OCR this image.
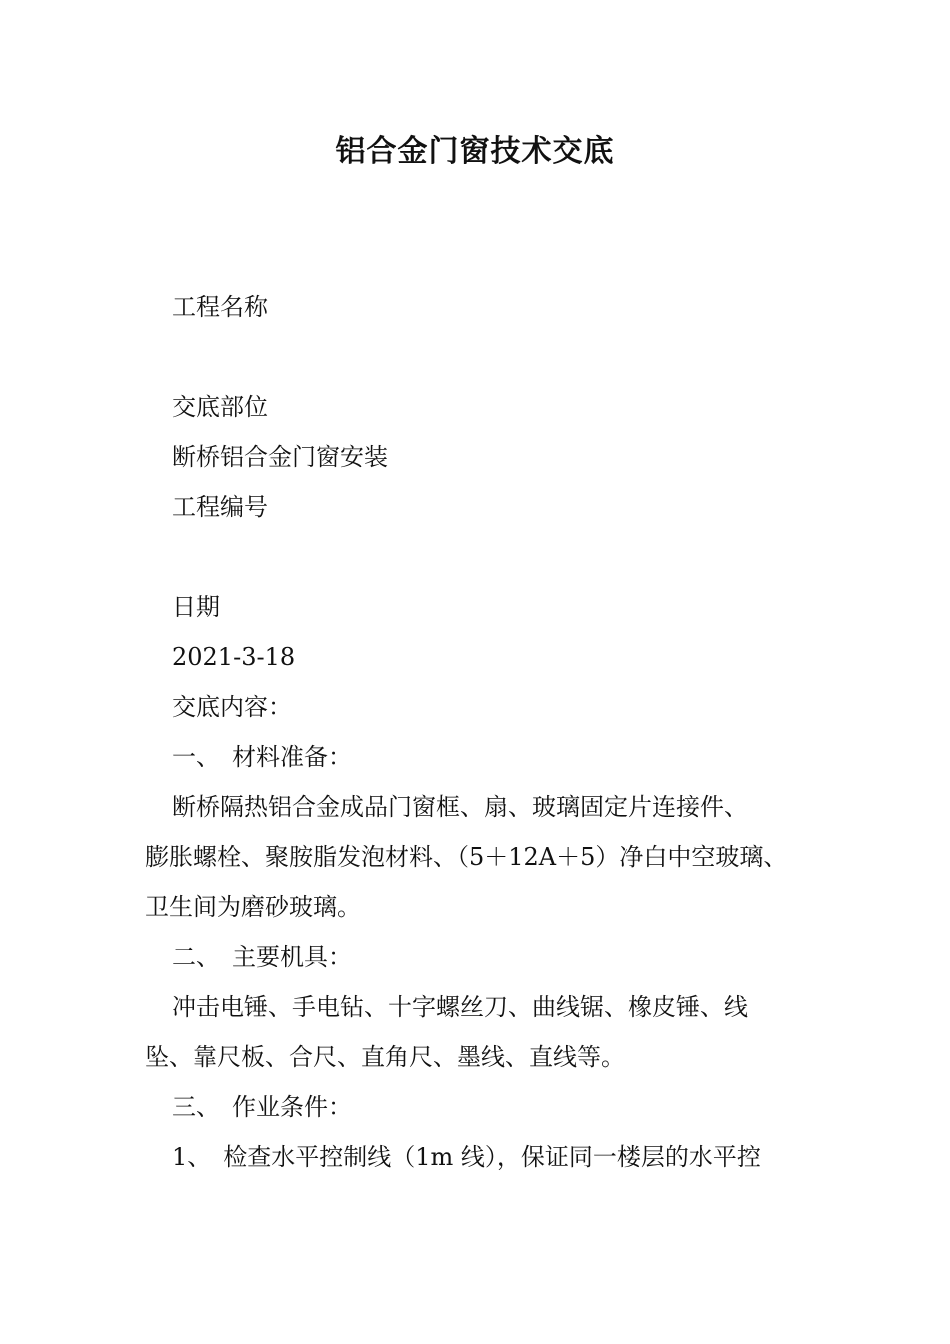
铝合金门窗技术交底
工程名称
交底部位
断桥铝合金门窗安装
工程编号
日期
2021-3-18
交底内容：
一、　材料准备：
断桥隔热铝合金成品门窗框、扇、玻璃固定片连接件、
膨胀螺栓、聚胺脂发泡材料、（5＋12A＋5）净白中空玻璃、
卫生间为磨砂玻璃。
二、　主要机具：
冲击电锤、手电钻、十字螺丝刀、曲线锯、橡皮锤、线
坠、靠尺板、合尺、直角尺、墨线、直线等。
三、　作业条件：
1、　检查水平控制线（1m 线），保证同一楼层的水平控
